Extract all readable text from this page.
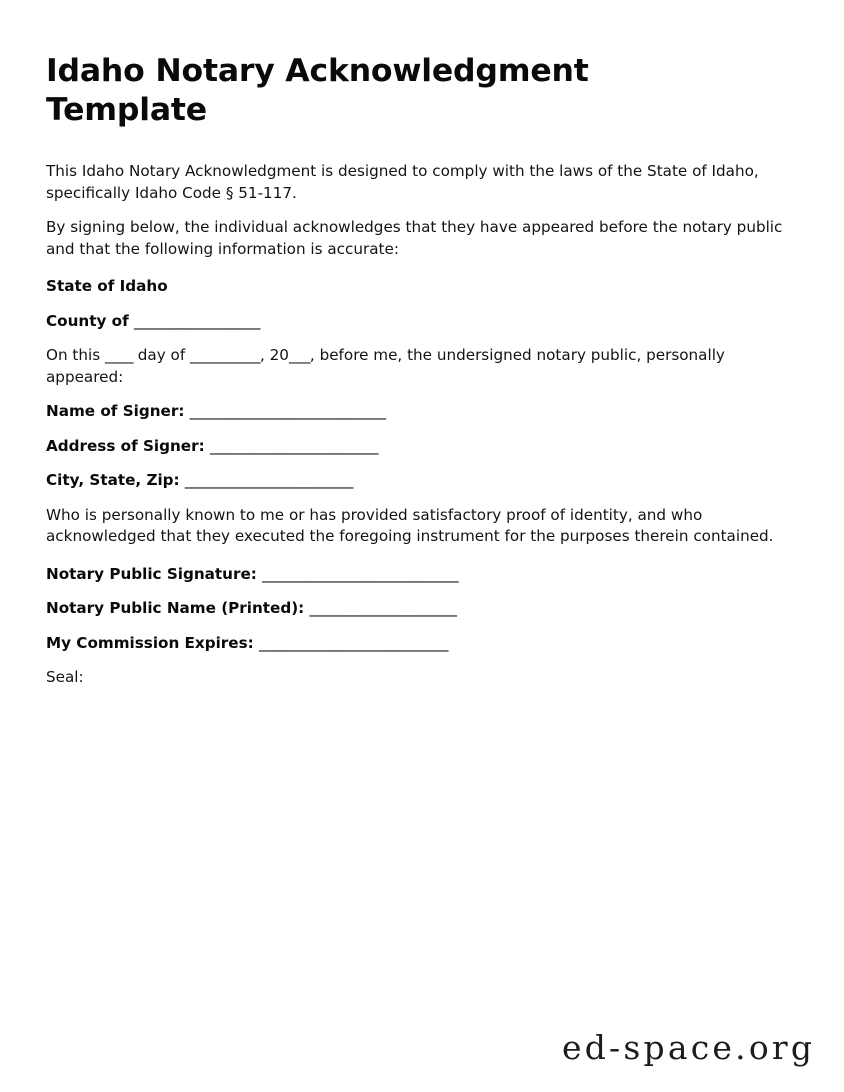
Idaho Notary Acknowledgment Template

This Idaho Notary Acknowledgment is designed to comply with the laws of the State of Idaho, specifically Idaho Code § 51-117.

By signing below, the individual acknowledges that they have appeared before the notary public and that the following information is accurate:

State of Idaho

County of __________________

On this ____ day of __________, 20___, before me, the undersigned notary public, personally appeared:

Name of Signer: ____________________________

Address of Signer: ________________________

City, State, Zip: ________________________

Who is personally known to me or has provided satisfactory proof of identity, and who acknowledged that they executed the foregoing instrument for the purposes therein contained.

Notary Public Signature: ____________________________

Notary Public Name (Printed): _____________________

My Commission Expires: ___________________________

Seal:

ed-space.org
